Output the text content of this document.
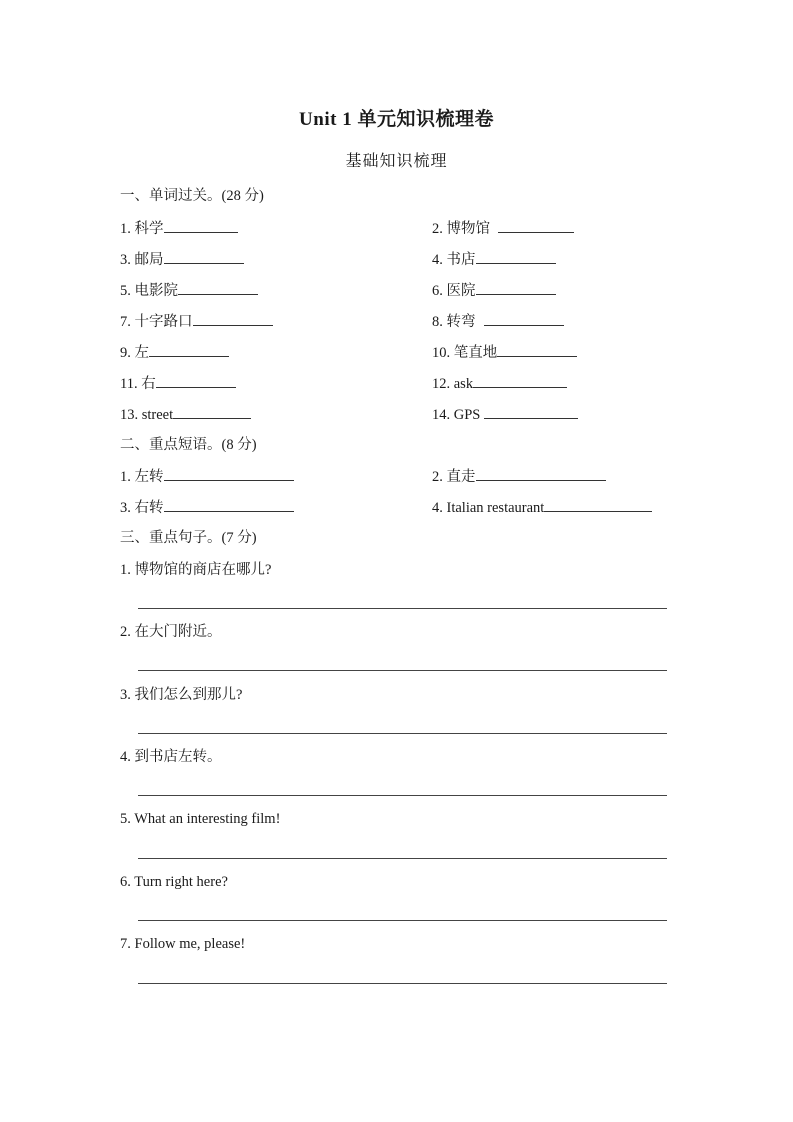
Unit 1 单元知识梳理卷
基础知识梳理
一、单词过关。(28 分)
1. 科学	2. 博物馆
3. 邮局	4. 书店
5. 电影院	6. 医院
7. 十字路口	8. 转弯
9. 左	10. 笔直地
11. 右	12. ask
13. street	14. GPS
二、重点短语。(8 分)
1. 左转	2. 直走
3. 右转	4. Italian restaurant
三、重点句子。(7 分)
1. 博物馆的商店在哪儿?
2. 在大门附近。
3. 我们怎么到那儿?
4. 到书店左转。
5. What an interesting film!
6. Turn right here?
7. Follow me, please!
